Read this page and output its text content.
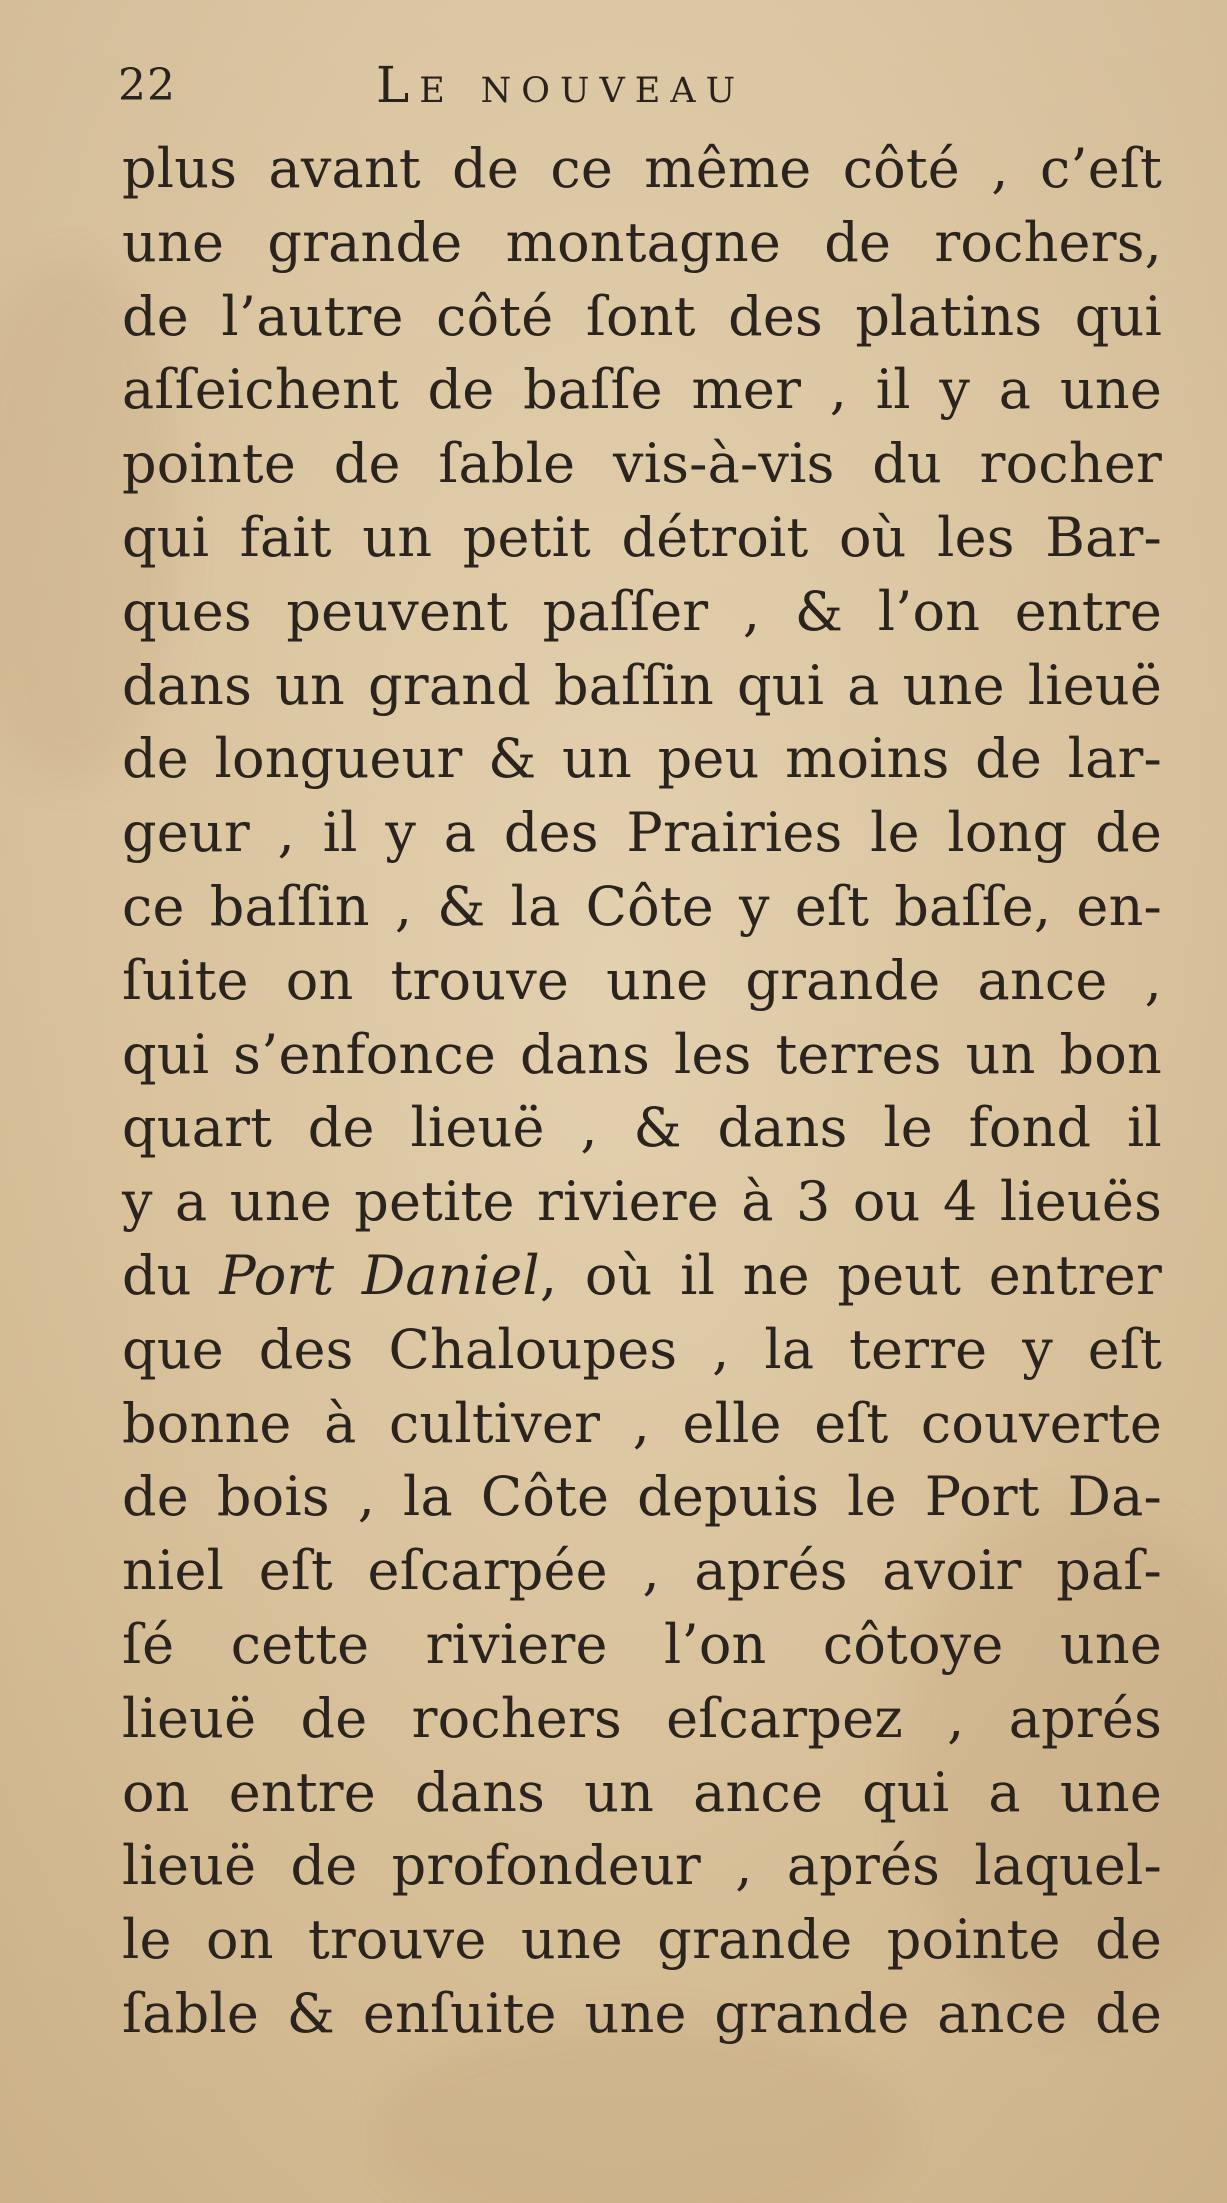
22	Le nouveau
plus avant de ce même côté , c’eſt
une grande montagne de rochers,
de l’autre côté ſont des platins qui
aſſeichent de baſſe mer , il y a une
pointe de ſable vis-à-vis du rocher
qui fait un petit détroit où les Bar-
ques peuvent paſſer , & l’on entre
dans un grand baſſin qui a une lieuë
de longueur & un peu moins de lar-
geur , il y a des Prairies le long de
ce baſſin , & la Côte y eſt baſſe, en-
ſuite on trouve une grande ance ,
qui s’enfonce dans les terres un bon
quart de lieuë , & dans le fond il
y a une petite riviere à 3 ou 4 lieuës
du Port Daniel, où il ne peut entrer
que des Chaloupes , la terre y eſt
bonne à cultiver , elle eſt couverte
de bois , la Côte depuis le Port Da-
niel eſt eſcarpée , aprés avoir paſ-
ſé cette riviere l’on côtoye une
lieuë de rochers eſcarpez , aprés
on entre dans un ance qui a une
lieuë de profondeur , aprés laquel-
le on trouve une grande pointe de
ſable & enſuite une grande ance de
